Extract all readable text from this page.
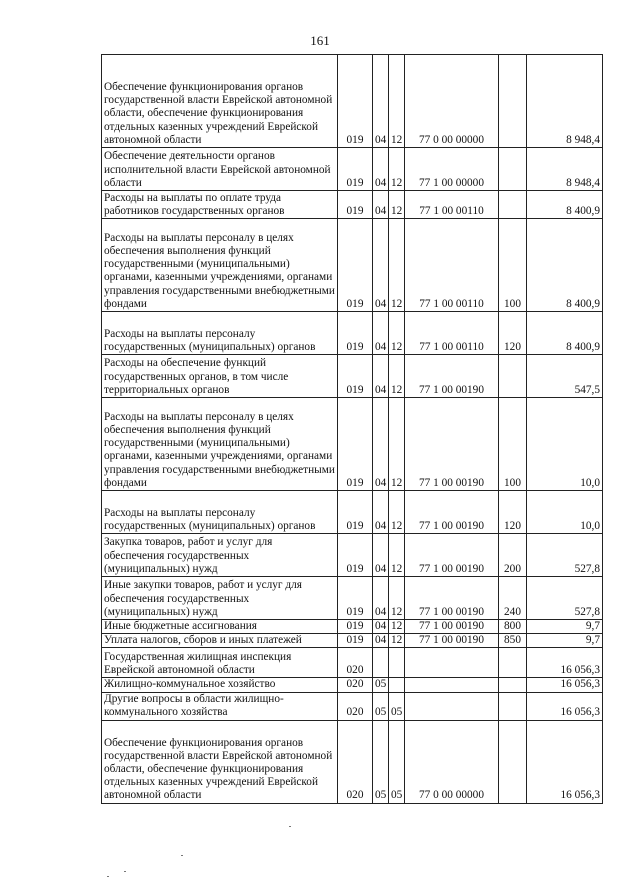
161
Обеспечение функционирования органов государственной власти Еврейской автономной области, обеспечение функционирования отдельных казенных учреждений Еврейской автономной области	019	04	12	77 0 00 00000		8 948,4
Обеспечение деятельности органов исполнительной власти Еврейской автономной области	019	04	12	77 1 00 00000		8 948,4
Расходы на выплаты по оплате труда работников государственных органов	019	04	12	77 1 00 00110		8 400,9
Расходы на выплаты персоналу в целях обеспечения выполнения функций государственными (муниципальными) органами, казенными учреждениями, органами управления государственными внебюджетными фондами	019	04	12	77 1 00 00110	100	8 400,9
Расходы на выплаты персоналу государственных (муниципальных) органов	019	04	12	77 1 00 00110	120	8 400,9
Расходы на обеспечение функций государственных органов, в том числе территориальных органов	019	04	12	77 1 00 00190		547,5
Расходы на выплаты персоналу в целях обеспечения выполнения функций государственными (муниципальными) органами, казенными учреждениями, органами управления государственными внебюджетными фондами	019	04	12	77 1 00 00190	100	10,0
Расходы на выплаты персоналу государственных (муниципальных) органов	019	04	12	77 1 00 00190	120	10,0
Закупка товаров, работ и услуг для обеспечения государственных (муниципальных) нужд	019	04	12	77 1 00 00190	200	527,8
Иные закупки товаров, работ и услуг для обеспечения государственных (муниципальных) нужд	019	04	12	77 1 00 00190	240	527,8
Иные бюджетные ассигнования	019	04	12	77 1 00 00190	800	9,7
Уплата налогов, сборов и иных платежей	019	04	12	77 1 00 00190	850	9,7
Государственная жилищная инспекция Еврейской автономной области	020					16 056,3
Жилищно-коммунальное хозяйство	020	05				16 056,3
Другие вопросы в области жилищно-коммунального хозяйства	020	05	05			16 056,3
Обеспечение функционирования органов государственной власти Еврейской автономной области, обеспечение функционирования отдельных казенных учреждений Еврейской автономной области	020	05	05	77 0 00 00000		16 056,3
